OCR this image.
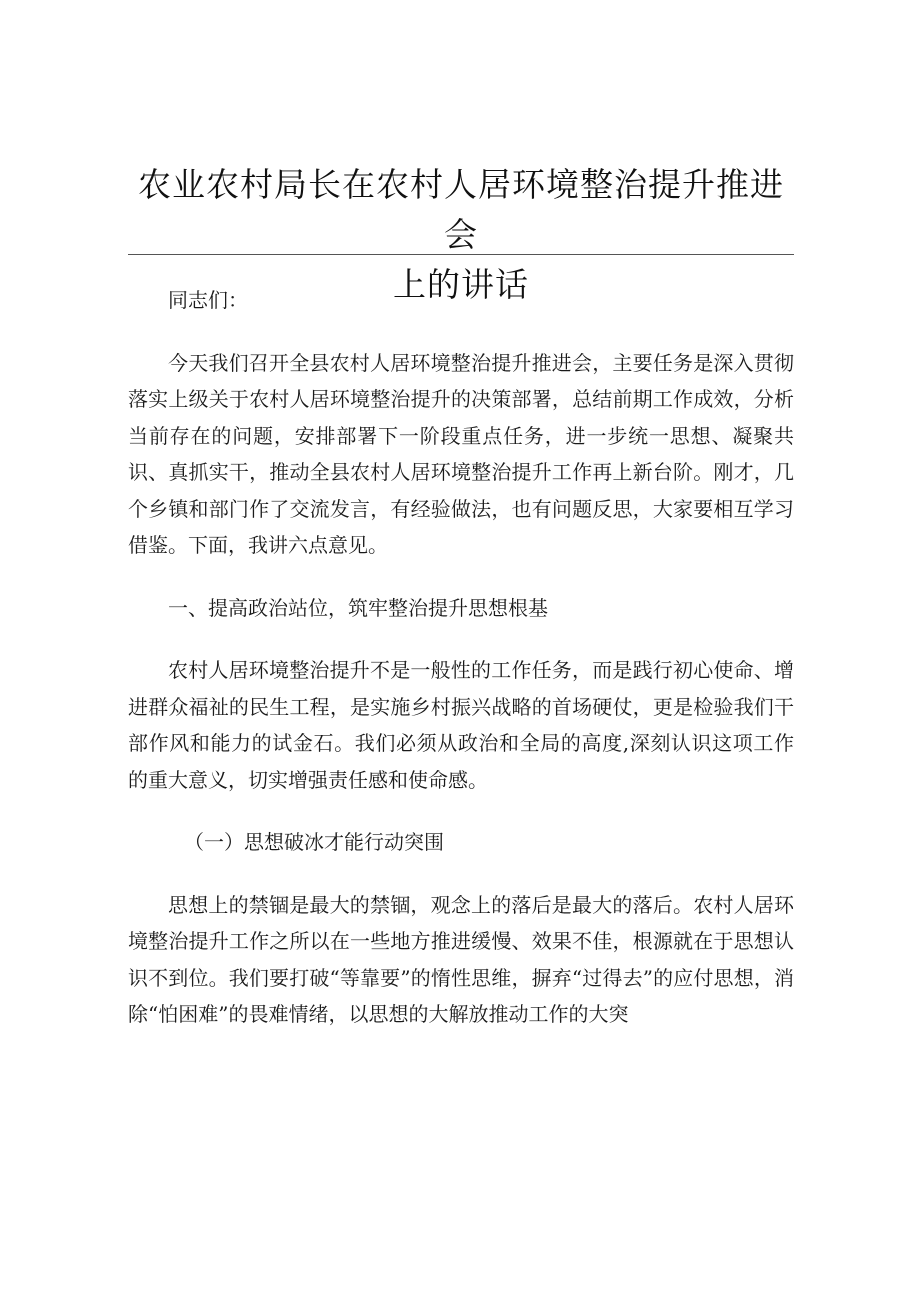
农业农村局长在农村人居环境整治提升推进会

上的讲话

同志们：

今天我们召开全县农村人居环境整治提升推进会，主要任务是深入贯彻落实上级关于农村人居环境整治提升的决策部署，总结前期工作成效，分析当前存在的问题，安排部署下一阶段重点任务，进一步统一思想、凝聚共识、真抓实干，推动全县农村人居环境整治提升工作再上新台阶。刚才，几个乡镇和部门作了交流发言，有经验做法，也有问题反思，大家要相互学习借鉴。下面，我讲六点意见。

一、提高政治站位，筑牢整治提升思想根基

农村人居环境整治提升不是一般性的工作任务，而是践行初心使命、增进群众福祉的民生工程，是实施乡村振兴战略的首场硬仗，更是检验我们干部作风和能力的试金石。我们必须从政治和全局的高度,深刻认识这项工作的重大意义，切实增强责任感和使命感。

（一）思想破冰才能行动突围

思想上的禁锢是最大的禁锢，观念上的落后是最大的落后。农村人居环境整治提升工作之所以在一些地方推进缓慢、效果不佳，根源就在于思想认识不到位。我们要打破“等靠要”的惰性思维，摒弃“过得去”的应付思想，消除“怕困难”的畏难情绪，以思想的大解放推动工作的大突
